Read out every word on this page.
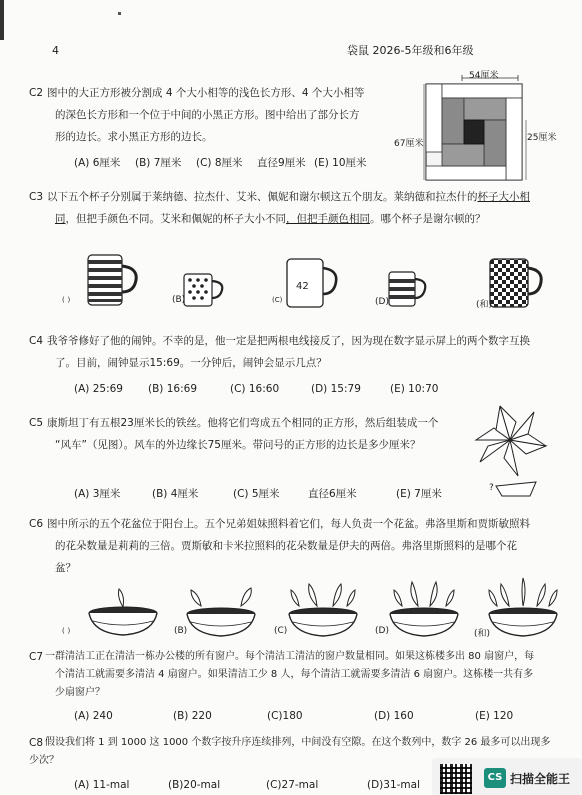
4	袋鼠 2026-5年级和6年级
C2 图中的大正方形被分割成 4 个大小相等的浅色长方形、4 个大小相等
的深色长方形和一个位于中间的小黑正方形。图中给出了部分长方
形的边长。求小黑正方形的边长。
(A) 6厘米 (B) 7厘米 (C) 8厘米 直径9厘米 (E) 10厘米
54厘米
67厘米
25厘米
C3 以下五个杯子分别属于莱纳德、拉杰什、艾米、佩妮和谢尔顿这五个朋友。莱纳德和拉杰什的杯子大小相
同，但把手颜色不同。艾米和佩妮的杯子大小不同，但把手颜色相同。哪个杯子是谢尔顿的？
(  )	(B)
42
(C)	(D)	(和)
C4 我爷爷修好了他的闹钟。不幸的是，他一定是把两根电线接反了，因为现在数字显示屏上的两个数字互换
了。目前，闹钟显示15:69。一分钟后，闹钟会显示几点？
(A) 25:69 (B) 16:69	(C) 16:60	(D) 15:79	(E) 10:70
C5 康斯坦丁有五根23厘米长的铁丝。他将它们弯成五个相同的正方形，然后组装成一个
“风车”（见图）。风车的外边缘长75厘米。带问号的正方形的边长是多少厘米？
(A) 3厘米	(B) 4厘米	(C) 5厘米	直径6厘米	(E) 7厘米	?
C6 图中所示的五个花盆位于阳台上。五个兄弟姐妹照料着它们，每人负责一个花盆。弗洛里斯和贾斯敏照料
的花朵数量是莉莉的三倍。贾斯敏和卡米拉照料的花朵数量是伊夫的两倍。弗洛里斯照料的是哪个花
盆？
(  )	(B)	(C)	(D)	(和)
C7 一群清洁工正在清洁一栋办公楼的所有窗户。每个清洁工清洁的窗户数量相同。如果这栋楼多出 80 扇窗户，每
个清洁工就需要多清洁 4 扇窗户。如果清洁工少 8 人，每个清洁工就需要多清洁 6 扇窗户。这栋楼一共有多
少扇窗户？
(A) 240	(B) 220	(C)180	(D) 160	(E) 120
C8 假设我们将 1 到 1000 这 1000 个数字按升序连续排列，中间没有空隙。在这个数列中，数字 26 最多可以出现多
少次？
(A) 11-mal	(B)20-mal	(C)27-mal	(D)31-mal
CS 扫描全能王
